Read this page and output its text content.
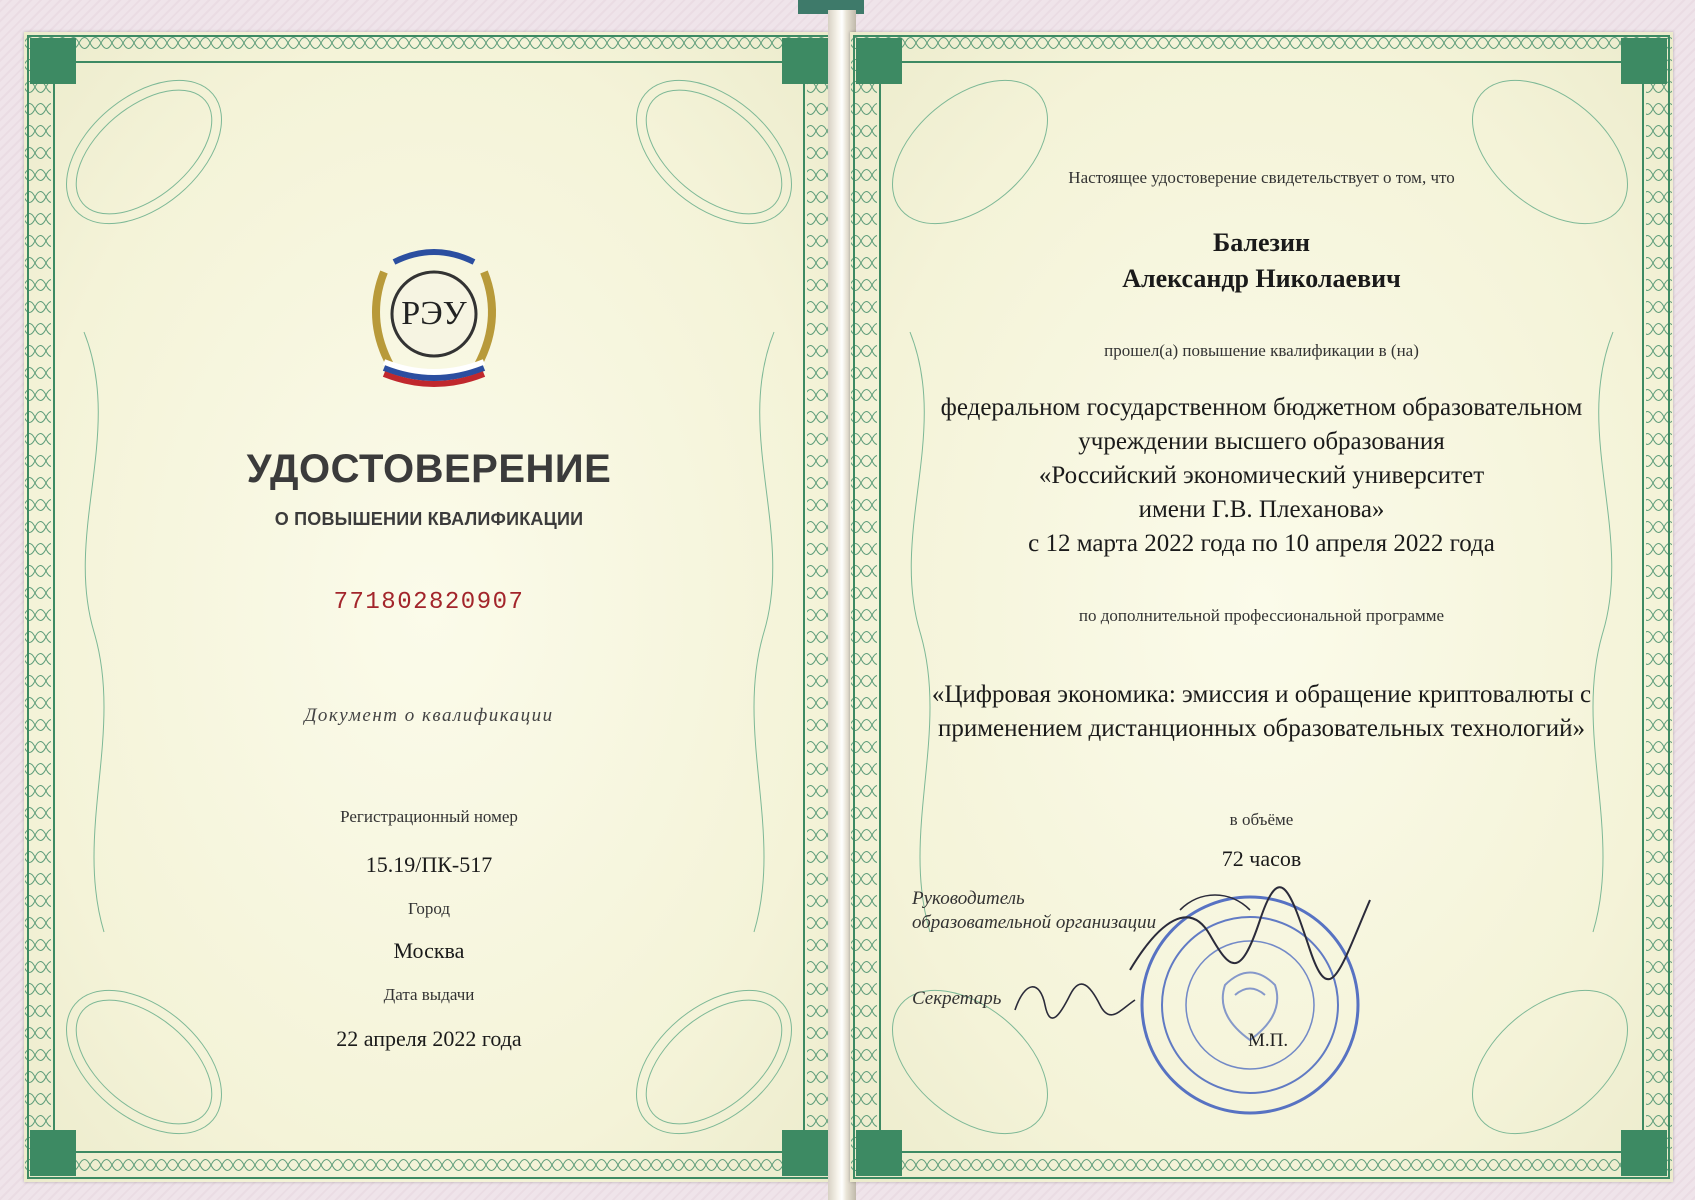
РЭУ
УДОСТОВЕРЕНИЕ
О ПОВЫШЕНИИ КВАЛИФИКАЦИИ
771802820907
Документ о квалификации
Регистрационный номер
15.19/ПК-517
Город
Москва
Дата выдачи
22 апреля 2022 года
Настоящее удостоверение свидетельствует о том, что
Балезин
Александр Николаевич
прошел(а) повышение квалификации в (на)
федеральном государственном бюджетном образовательном
учреждении высшего образования
«Российский экономический университет
имени Г.В. Плеханова»
с 12 марта 2022 года по 10 апреля 2022 года
по дополнительной профессиональной программе
«Цифровая экономика: эмиссия и обращение криптовалюты с
применением дистанционных образовательных технологий»
в объёме
72 часов
Руководитель
образовательной организации
Секретарь
М.П.
